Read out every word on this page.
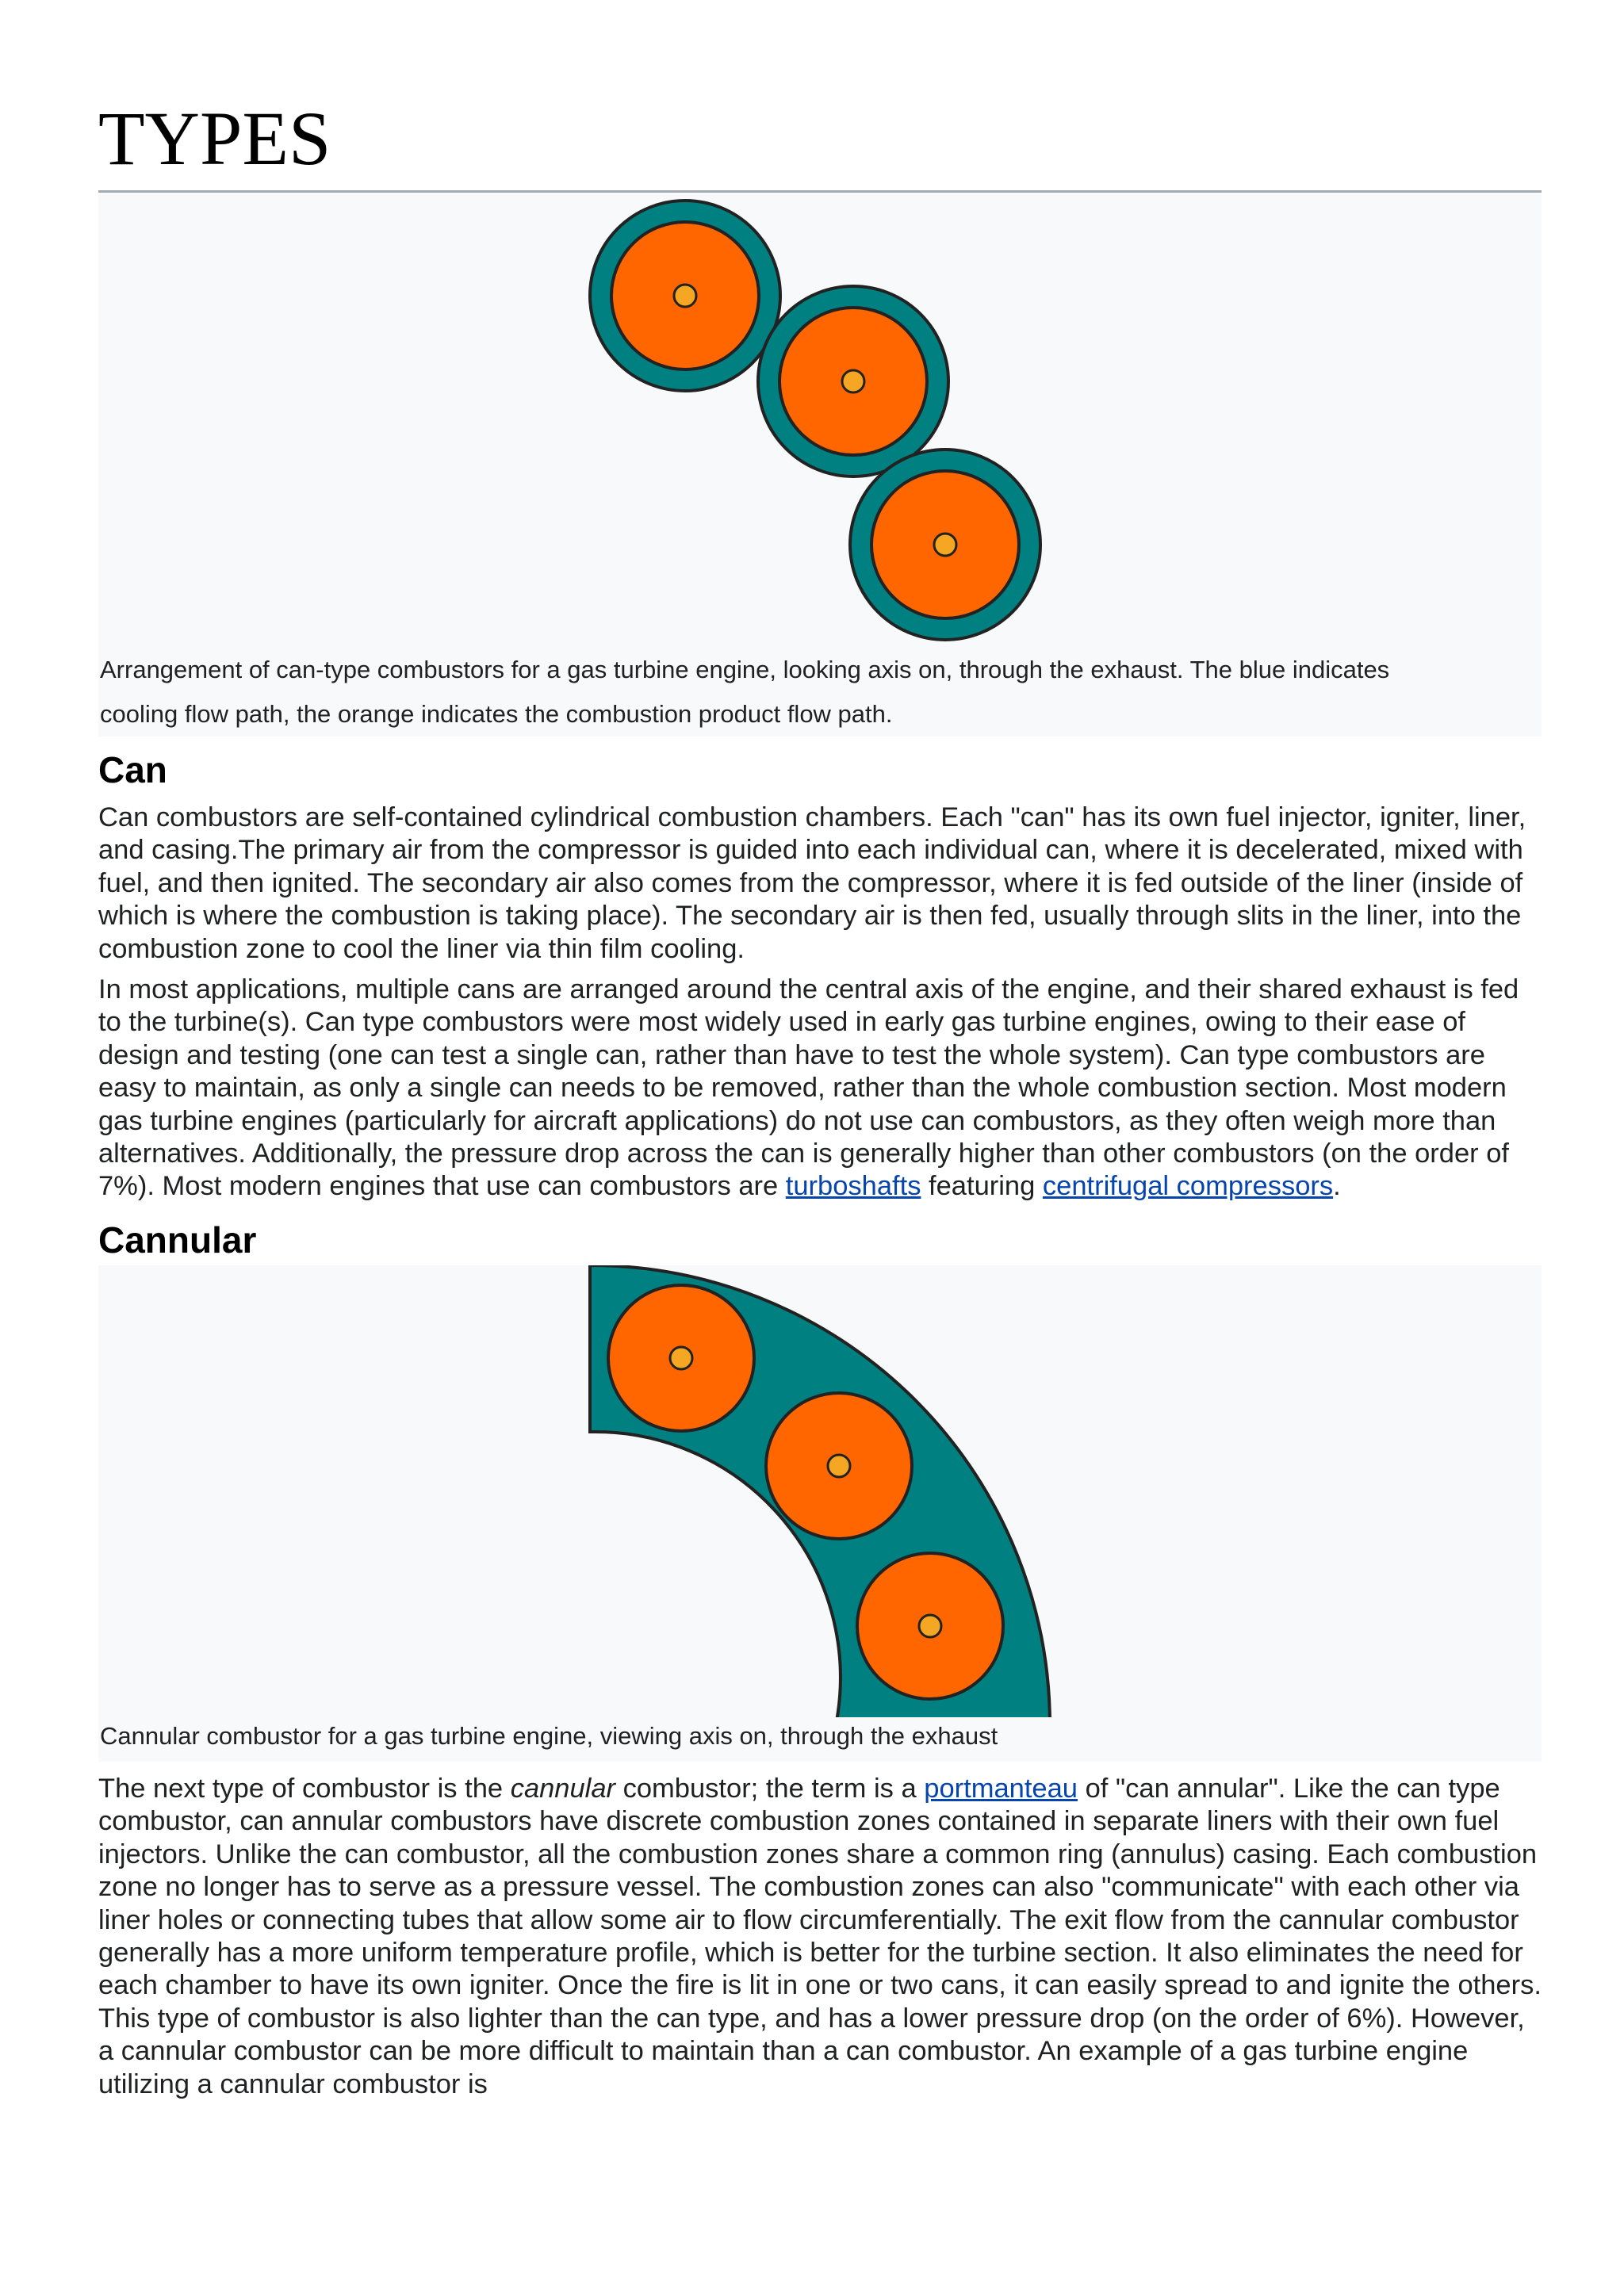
TYPES
Arrangement of can-type combustors for a gas turbine engine, looking axis on, through the exhaust. The blue indicates
cooling flow path, the orange indicates the combustion product flow path.
Can

Can combustors are self-contained cylindrical combustion chambers. Each "can" has its own fuel injector, igniter, liner, and casing.The primary air from the compressor is guided into each individual can, where it is decelerated, mixed with fuel, and then ignited. The secondary air also comes from the compressor, where it is fed outside of the liner (inside of which is where the combustion is taking place). The secondary air is then fed, usually through slits in the liner, into the combustion zone to cool the liner via thin film cooling.

In most applications, multiple cans are arranged around the central axis of the engine, and their shared exhaust is fed to the turbine(s). Can type combustors were most widely used in early gas turbine engines, owing to their ease of design and testing (one can test a single can, rather than have to test the whole system). Can type combustors are easy to maintain, as only a single can needs to be removed, rather than the whole combustion section. Most modern gas turbine engines (particularly for aircraft applications) do not use can combustors, as they often weigh more than alternatives. Additionally, the pressure drop across the can is generally higher than other combustors (on the order of 7%). Most modern engines that use can combustors are turboshafts featuring centrifugal compressors.

Cannular
Cannular combustor for a gas turbine engine, viewing axis on, through the exhaust

The next type of combustor is the cannular combustor; the term is a portmanteau of "can annular". Like the can type combustor, can annular combustors have discrete combustion zones contained in separate liners with their own fuel injectors. Unlike the can combustor, all the combustion zones share a common ring (annulus) casing. Each combustion zone no longer has to serve as a pressure vessel. The combustion zones can also "communicate" with each other via liner holes or connecting tubes that allow some air to flow circumferentially. The exit flow from the cannular combustor generally has a more uniform temperature profile, which is better for the turbine section. It also eliminates the need for each chamber to have its own igniter. Once the fire is lit in one or two cans, it can easily spread to and ignite the others. This type of combustor is also lighter than the can type, and has a lower pressure drop (on the order of 6%). However, a cannular combustor can be more difficult to maintain than a can combustor. An example of a gas turbine engine utilizing a cannular combustor is
